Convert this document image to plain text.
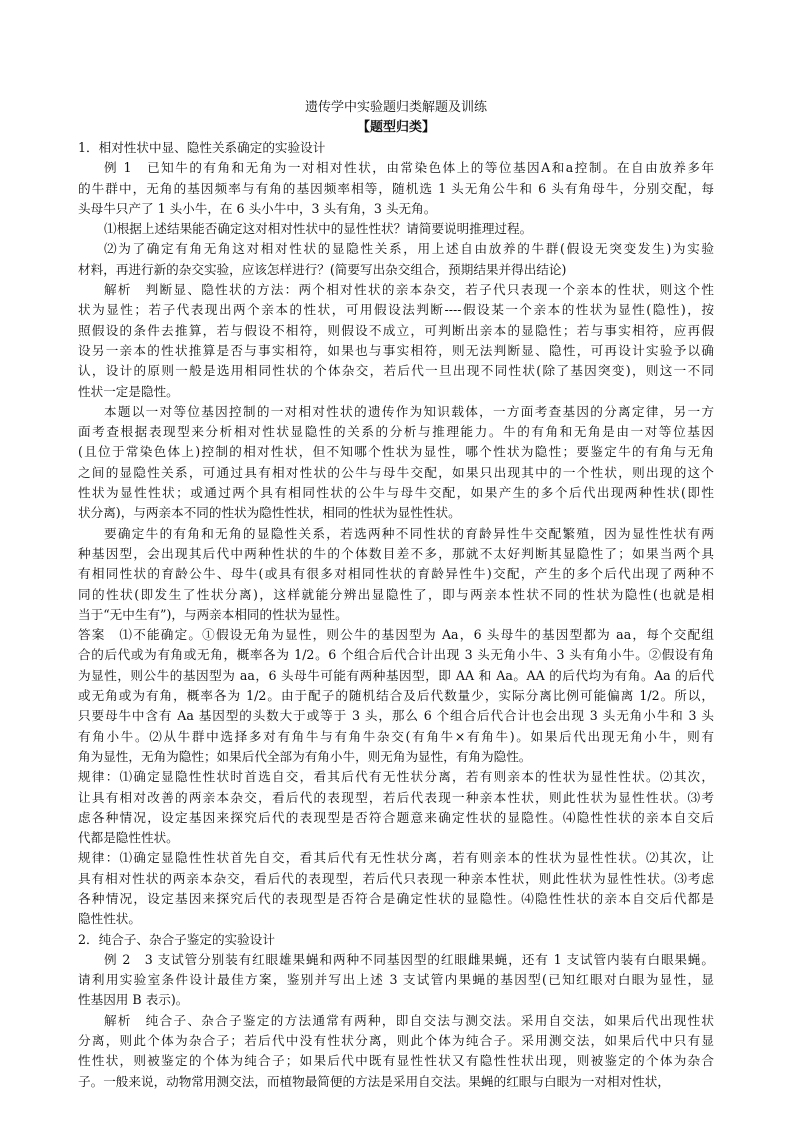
遗传学中实验题归类解题及训练

【题型归类】

1．相对性状中显、隐性关系确定的实验设计

例 1　已知牛的有角和无角为一对相对性状，由常染色体上的等位基因A和a控制。在自由放养多年

的牛群中，无角的基因频率与有角的基因频率相等，随机选 1 头无角公牛和 6 头有角母牛，分别交配，每

头母牛只产了 1 头小牛，在 6 头小牛中，3 头有角，3 头无角。

⑴根据上述结果能否确定这对相对性状中的显性性状？请简要说明推理过程。

⑵为了确定有角无角这对相对性状的显隐性关系，用上述自由放养的牛群(假设无突变发生)为实验

材料，再进行新的杂交实验，应该怎样进行？(简要写出杂交组合，预期结果并得出结论)

解析　判断显、隐性状的方法：两个相对性状的亲本杂交，若子代只表现一个亲本的性状，则这个性

状为显性；若子代表现出两个亲本的性状，可用假设法判断----假设某一个亲本的性状为显性(隐性)，按

照假设的条件去推算，若与假设不相符，则假设不成立，可判断出亲本的显隐性；若与事实相符，应再假

设另一亲本的性状推算是否与事实相符，如果也与事实相符，则无法判断显、隐性，可再设计实验予以确

认，设计的原则一般是选用相同性状的个体杂交，若后代一旦出现不同性状(除了基因突变)，则这一不同

性状一定是隐性。

本题以一对等位基因控制的一对相对性状的遗传作为知识载体，一方面考查基因的分离定律，另一方

面考查根据表现型来分析相对性状显隐性的关系的分析与推理能力。牛的有角和无角是由一对等位基因

(且位于常染色体上)控制的相对性状，但不知哪个性状为显性，哪个性状为隐性；要鉴定牛的有角与无角

之间的显隐性关系，可通过具有相对性状的公牛与母牛交配，如果只出现其中的一个性状，则出现的这个

性状为显性性状；或通过两个具有相同性状的公牛与母牛交配，如果产生的多个后代出现两种性状(即性

状分离)，与两亲本不同的性状为隐性性状，相同的性状为显性性状。

要确定牛的有角和无角的显隐性关系，若选两种不同性状的育龄异性牛交配繁殖，因为显性性状有两

种基因型，会出现其后代中两种性状的牛的个体数目差不多，那就不太好判断其显隐性了；如果当两个具

有相同性状的育龄公牛、母牛(或具有很多对相同性状的育龄异性牛)交配，产生的多个后代出现了两种不

同的性状(即发生了性状分离)，这样就能分辨出显隐性了，即与两亲本性状不同的性状为隐性(也就是相

当于“无中生有”)，与两亲本相同的性状为显性。

答案　⑴不能确定。①假设无角为显性，则公牛的基因型为 Aa，6 头母牛的基因型都为 aa，每个交配组

合的后代或为有角或无角，概率各为 1/2。6 个组合后代合计出现 3 头无角小牛、3 头有角小牛。②假设有角

为显性，则公牛的基因型为 aa，6 头母牛可能有两种基因型，即 AA 和 Aa。AA 的后代均为有角。Aa 的后代

或无角或为有角，概率各为 1/2。由于配子的随机结合及后代数量少，实际分离比例可能偏离 1/2。所以，

只要母牛中含有 Aa 基因型的头数大于或等于 3 头，那么 6 个组合后代合计也会出现 3 头无角小牛和 3 头

有角小牛。⑵从牛群中选择多对有角牛与有角牛杂交(有角牛×有角牛)。如果后代出现无角小牛，则有

角为显性，无角为隐性；如果后代全部为有角小牛，则无角为显性，有角为隐性。

规律：⑴确定显隐性性状时首选自交，看其后代有无性状分离，若有则亲本的性状为显性性状。⑵其次，

让具有相对改善的两亲本杂交，看后代的表现型，若后代表现一种亲本性状，则此性状为显性性状。⑶考

虑各种情况，设定基因来探究后代的表现型是否符合题意来确定性状的显隐性。⑷隐性性状的亲本自交后

代都是隐性性状。

规律：⑴确定显隐性性状首先自交，看其后代有无性状分离，若有则亲本的性状为显性性状。⑵其次，让

具有相对性状的两亲本杂交，看后代的表现型，若后代只表现一种亲本性状，则此性状为显性性状。⑶考虑

各种情况，设定基因来探究后代的表现型是否符合是确定性状的显隐性。⑷隐性性状的亲本自交后代都是

隐性性状。

2．纯合子、杂合子鉴定的实验设计

例 2　3 支试管分别装有红眼雄果蝇和两种不同基因型的红眼雌果蝇，还有 1 支试管内装有白眼果蝇。

请利用实验室条件设计最佳方案，鉴别并写出上述 3 支试管内果蝇的基因型(已知红眼对白眼为显性，显

性基因用 B 表示)。

解析　纯合子、杂合子鉴定的方法通常有两种，即自交法与测交法。采用自交法，如果后代出现性状

分离，则此个体为杂合子；若后代中没有性状分离，则此个体为纯合子。采用测交法，如果后代中只有显

性性状，则被鉴定的个体为纯合子；如果后代中既有显性性状又有隐性性状出现，则被鉴定的个体为杂合

子。一般来说，动物常用测交法，而植物最简便的方法是采用自交法。果蝇的红眼与白眼为一对相对性状，
